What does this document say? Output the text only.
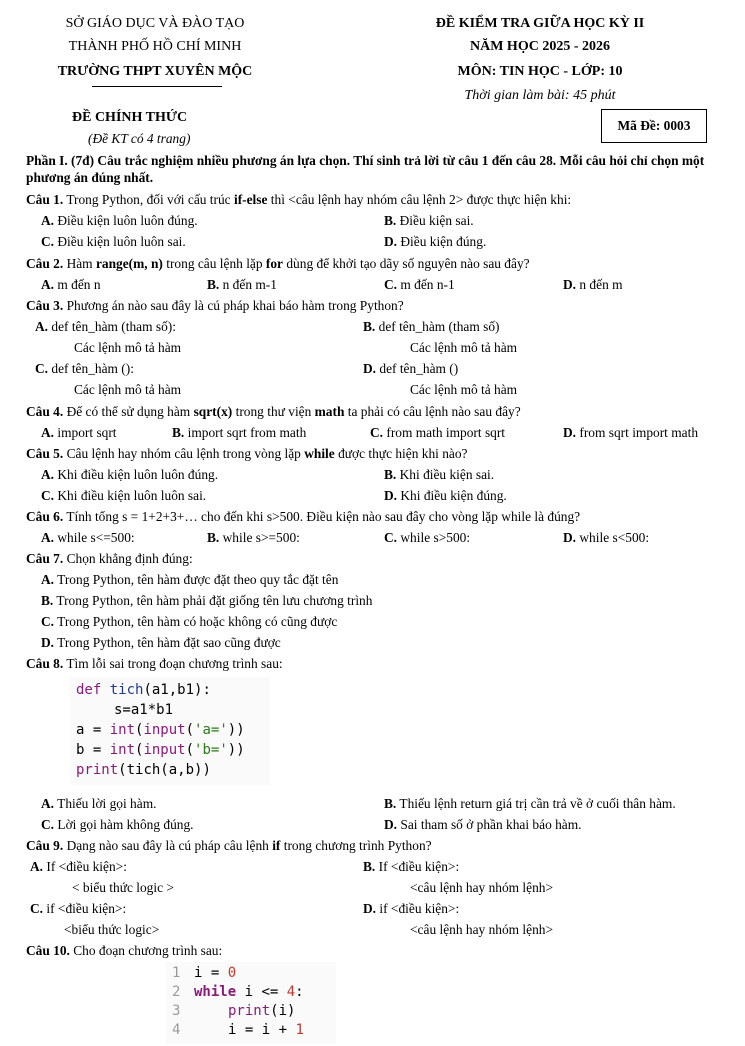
SỞ GIÁO DỤC VÀ ĐÀO TẠO
THÀNH PHỐ HỒ CHÍ MINH
TRƯỜNG THPT XUYÊN MỘC
ĐỀ KIỂM TRA GIỮA HỌC KỲ II
NĂM HỌC 2025 - 2026
MÔN: TIN HỌC - LỚP: 10
Thời gian làm bài: 45 phút
ĐỀ CHÍNH THỨC
(Đề KT có 4 trang)
Mã Đề: 0003
Phần I. (7đ) Câu trắc nghiệm nhiều phương án lựa chọn. Thí sinh trả lời từ câu 1 đến câu 28. Mỗi câu hỏi chỉ chọn một phương án đúng nhất.
Câu 1. Trong Python, đối với cấu trúc if-else thì <câu lệnh hay nhóm câu lệnh 2> được thực hiện khi:
A. Điều kiện luôn luôn đúng.	B. Điều kiện sai.
C. Điều kiện luôn luôn sai.	D. Điều kiện đúng.
Câu 2. Hàm range(m, n) trong câu lệnh lặp for dùng để khởi tạo dãy số nguyên nào sau đây?
A. m đến n	B. n đến m-1	C. m đến n-1	D. n đến m
Câu 3. Phương án nào sau đây là cú pháp khai báo hàm trong Python?
A. def tên_hàm (tham số):
Các lệnh mô tả hàm
B. def tên_hàm (tham số)
Các lệnh mô tả hàm
C. def tên_hàm ():
Các lệnh mô tả hàm
D. def tên_hàm ()
Các lệnh mô tả hàm
Câu 4. Để có thể sử dụng hàm sqrt(x) trong thư viện math ta phải có câu lệnh nào sau đây?
A. import sqrt	B. import sqrt from math	C. from math import sqrt	D. from sqrt import math
Câu 5. Câu lệnh hay nhóm câu lệnh trong vòng lặp while được thực hiện khi nào?
A. Khi điều kiện luôn luôn đúng.	B. Khi điều kiện sai.
C. Khi điều kiện luôn luôn sai.	D. Khi điều kiện đúng.
Câu 6. Tính tổng s = 1+2+3+… cho đến khi s>500. Điều kiện nào sau đây cho vòng lặp while là đúng?
A. while s<=500:	B. while s>=500:	C. while s>500:	D. while s<500:
Câu 7. Chọn khẳng định đúng:
A. Trong Python, tên hàm được đặt theo quy tắc đặt tên
B. Trong Python, tên hàm phải đặt giống tên lưu chương trình
C. Trong Python, tên hàm có hoặc không có cũng được
D. Trong Python, tên hàm đặt sao cũng được
Câu 8. Tìm lỗi sai trong đoạn chương trình sau:
def tich(a1,b1):
s=a1*b1
a = int(input('a='))
b = int(input('b='))
print(tich(a,b))
A. Thiếu lời gọi hàm.	B. Thiếu lệnh return giá trị cần trả về ở cuối thân hàm.
C. Lời gọi hàm không đúng.	D. Sai tham số ở phần khai báo hàm.
Câu 9. Dạng nào sau đây là cú pháp câu lệnh if trong chương trình Python?
A. If <điều kiện>:
< biểu thức logic >
B. If <điều kiện>:
<câu lệnh hay nhóm lệnh>
C. if <điều kiện>:
<biểu thức logic>
D. if <điều kiện>:
<câu lệnh hay nhóm lệnh>
Câu 10. Cho đoạn chương trình sau:
1 i = 0
2 while i <= 4:
3	print(i)
4	i = i + 1
